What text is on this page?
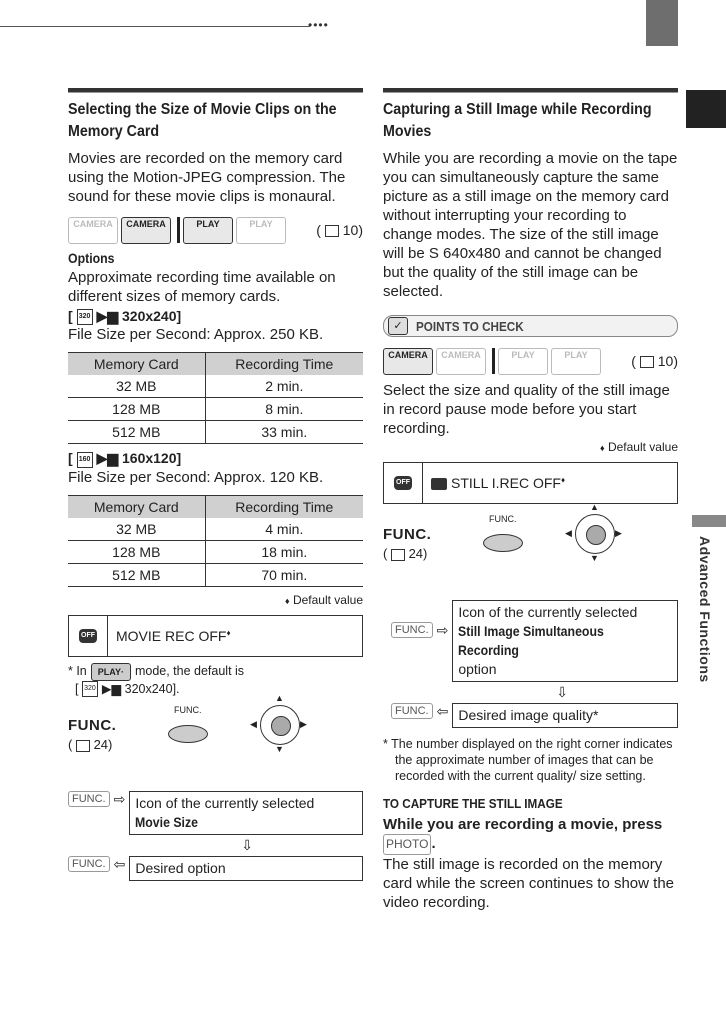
••••
Advanced Functions
Selecting the Size of Movie Clips on the Memory Card

Movies are recorded on the memory card using the Motion-JPEG compression. The sound for these movie clips is monaural.

CAMERA	CAMERA	PLAY	PLAY	(  10)
Options

Approximate recording time available on different sizes of memory cards.

[ 320 ▶▆ 320x240]

File Size per Second: Approx. 250 KB.

Memory Card	Recording Time
32 MB	2 min.
128 MB	8 min.
512 MB	33 min.
[ 160 ▶▆ 160x120]

File Size per Second: Approx. 120 KB.

Memory Card	Recording Time
32 MB	4 min.
128 MB	18 min.
512 MB	70 min.
♦ Default value
OFF	MOVIE REC OFF♦
* In PLAY· mode, the default is
[ 320 ▶▆ 320x240].
FUNC.
(  24)
FUNC.
▲
▼
◀	▶
FUNC. ⇨ Icon of the currently selected
Movie Size
⇩
FUNC. ⇦ Desired option
Capturing a Still Image while Recording Movies

While you are recording a movie on the tape you can simultaneously capture the same picture as a still image on the memory card without interrupting your recording to change modes. The size of the still image will be S 640x480 and cannot be changed but the quality of the still image can be selected.

✓	POINTS TO CHECK
CAMERA	CAMERA	PLAY	PLAY	(  10)

Select the size and quality of the still image in record pause mode before you start recording.

♦ Default value
OFF	STILL I.REC OFF♦
FUNC.
(  24)
FUNC.
▲
▼
◀	▶
FUNC. ⇨
Icon of the currently selected
Still Image Simultaneous Recording option
⇩
FUNC. ⇦ Desired image quality*
* The number displayed on the right corner indicates the approximate number of images that can be recorded with the current quality/ size setting.
TO CAPTURE THE STILL IMAGE
While you are recording a movie, press PHOTO .

The still image is recorded on the memory card while the screen continues to show the video recording.
